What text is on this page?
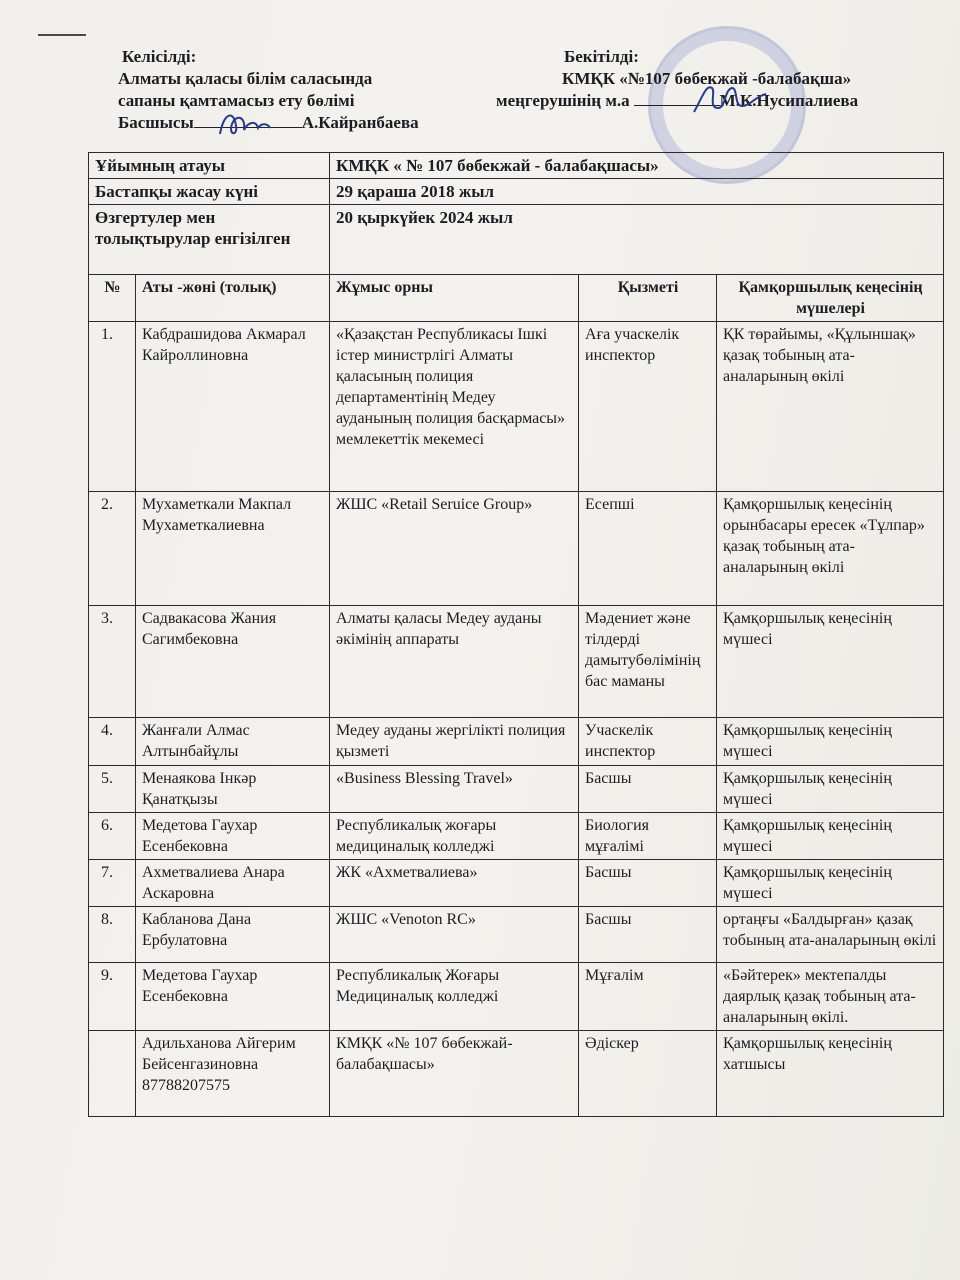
Келісілді:
Алматы қаласы білім саласында
сапаны қамтамасыз ету бөлімі
Басшысы	А.Кайранбаева
Бекітілді:
КМҚК «№107 бөбекжай -балабақша»
меңгерушінің м.а	М.К.Нусипалиева
Ұйымның атауы		КМҚК « № 107 бөбекжай - балабақшасы»		
Бастапқы жасау күні		29 қараша 2018 жыл		
Өзгертулер мен толықтырулар енгізілген		20 қыркүйек 2024 жыл		
№	Аты -жөні (толық)	Жұмыс орны	Қызметі	Қамқоршылық кеңесінің мүшелері
1.	Кабдрашидова Акмарал Кайроллиновна	«Қазақстан Республикасы Ішкі істер министрлігі Алматы қаласының полиция департаментінің Медеу ауданының полиция басқармасы» мемлекеттік мекемесі	Аға учаскелік инспектор	ҚК төрайымы, «Құлыншақ» қазақ тобының ата-аналарының өкілі
2.	Мухаметкали Макпал Мухаметкалиевна	ЖШС «Retail Seruice Group»	Есепші	Қамқоршылық кеңесінің орынбасары ересек «Тұлпар» қазақ тобының ата-аналарының өкілі
3.	Садвакасова Жания Сагимбековна	Алматы қаласы Медеу ауданы әкімінің аппараты	Мәдениет және тілдерді дамытубөлімінің бас маманы	Қамқоршылық кеңесінің мүшесі
4.	Жанғали Алмас Алтынбайұлы	Медеу ауданы жергілікті полиция қызметі	Учаскелік инспектор	Қамқоршылық кеңесінің мүшесі
5.	Менаякова Інкәр Қанатқызы	«Business Blessing Travel»	Басшы	Қамқоршылық кеңесінің мүшесі
6.	Медетова Гаухар Есенбековна	Республикалық жоғары медициналық колледжі	Биология мұғалімі	Қамқоршылық кеңесінің мүшесі
7.	Ахметвалиева Анара Аскаровна	ЖК «Ахметвалиева»	Басшы	Қамқоршылық кеңесінің мүшесі
8.	Кабланова Дана Ербулатовна	ЖШС «Venoton RC»	Басшы	ортаңғы «Балдырған» қазақ тобының ата-аналарының өкілі
9.	Медетова Гаухар Есенбековна	Республикалық Жоғары Медициналық колледжі	Мұғалім	«Бәйтерек» мектепалды даярлық қазақ тобының ата-аналарының өкілі.
	Адильханова Айгерим Бейсенгазиновна 87788207575	КМҚК «№ 107 бөбекжай-балабақшасы»	Әдіскер	Қамқоршылық кеңесінің хатшысы
